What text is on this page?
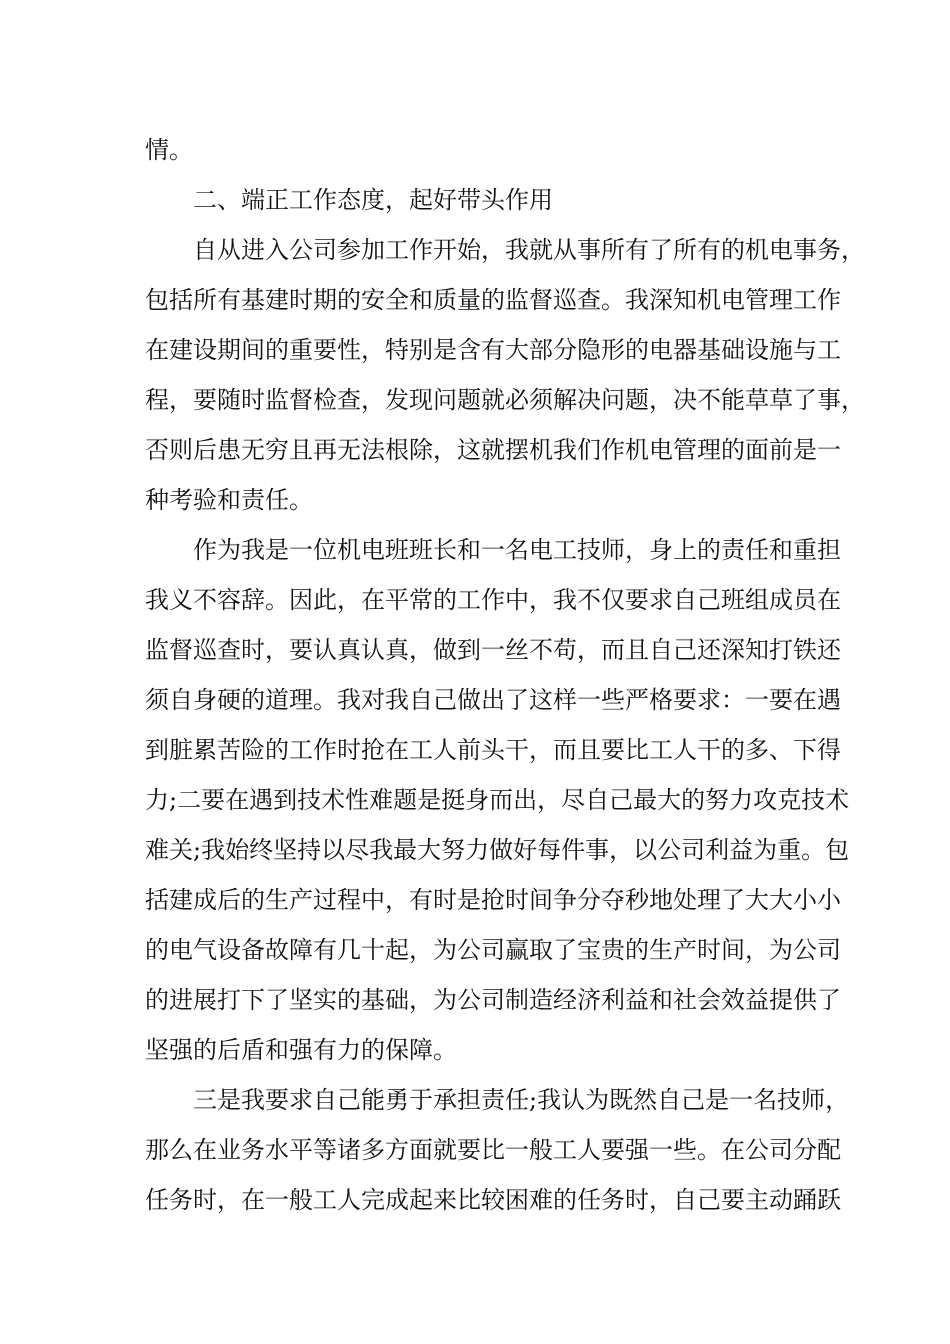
情。
二、端正工作态度，起好带头作用
自从进入公司参加工作开始，我就从事所有了所有的机电事务，
包括所有基建时期的安全和质量的监督巡查。我深知机电管理工作
在建设期间的重要性，特别是含有大部分隐形的电器基础设施与工
程，要随时监督检查，发现问题就必须解决问题，决不能草草了事，
否则后患无穷且再无法根除，这就摆机我们作机电管理的面前是一
种考验和责任。
作为我是一位机电班班长和一名电工技师，身上的责任和重担
我义不容辞。因此，在平常的工作中，我不仅要求自己班组成员在
监督巡查时，要认真认真，做到一丝不苟，而且自己还深知打铁还
须自身硬的道理。我对我自己做出了这样一些严格要求：一要在遇
到脏累苦险的工作时抢在工人前头干，而且要比工人干的多、下得
力;二要在遇到技术性难题是挺身而出，尽自己最大的努力攻克技术
难关;我始终坚持以尽我最大努力做好每件事，以公司利益为重。包
括建成后的生产过程中，有时是抢时间争分夺秒地处理了大大小小
的电气设备故障有几十起，为公司赢取了宝贵的生产时间，为公司
的进展打下了坚实的基础，为公司制造经济利益和社会效益提供了
坚强的后盾和强有力的保障。
三是我要求自己能勇于承担责任;我认为既然自己是一名技师，
那么在业务水平等诸多方面就要比一般工人要强一些。在公司分配
任务时，在一般工人完成起来比较困难的任务时，自己要主动踊跃
